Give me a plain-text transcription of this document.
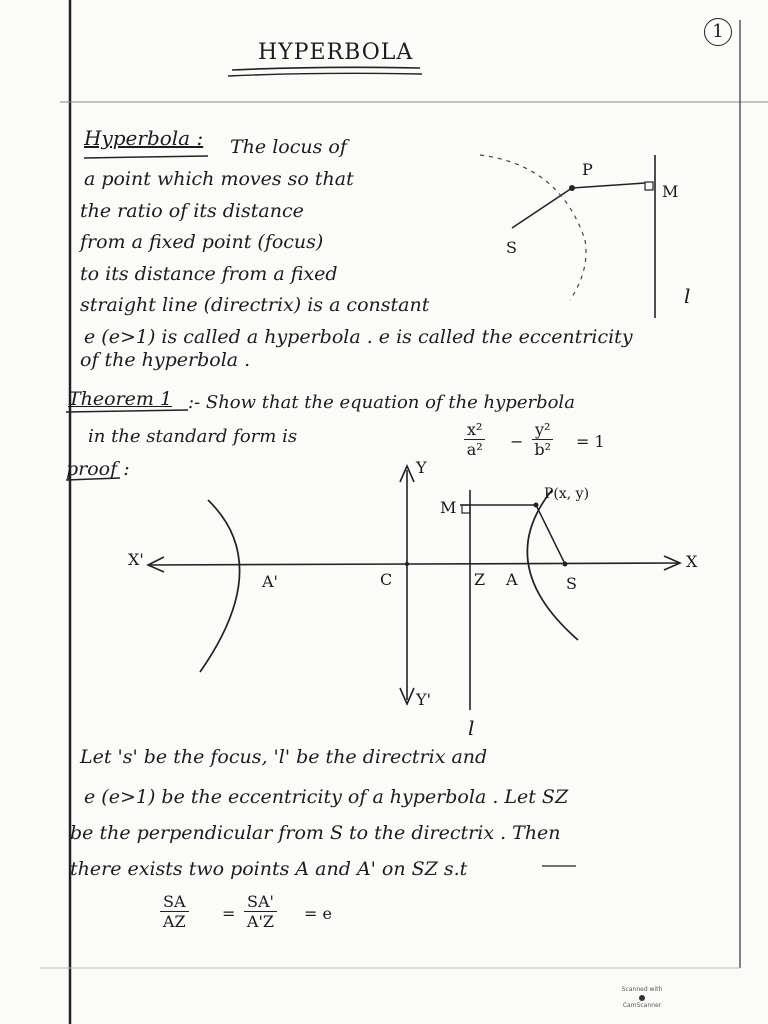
HYPERBOLA
1
Hyperbola : The locus of
a point which moves so that
the ratio of its distance
from a fixed point (focus)
to its distance from a fixed
straight line (directrix) is a constant
e (e>1) is called a hyperbola . e is called the eccentricity
of the hyperbola .
P
M
S
l
Theorem 1 :- Show that the equation of the hyperbola
in the standard form is	$\frac{\text{x²}}{\text{a²}} - \frac{\text{y²}}{\text{b²}} = 1$
proof :
X
X'
Y
Y'
A'	C	Z A	S
M
P(x, y)
l
Let 's' be the focus, 'l' be the directrix and
e (e>1) be the eccentricity of a hyperbola . Let SZ
be the perpendicular from S to the directrix . Then
there exists two points A and A' on SZ s.t
$\frac{SA}{AZ} = \frac{SA'}{A'Z} = e$
Scanned with
CamScanner
